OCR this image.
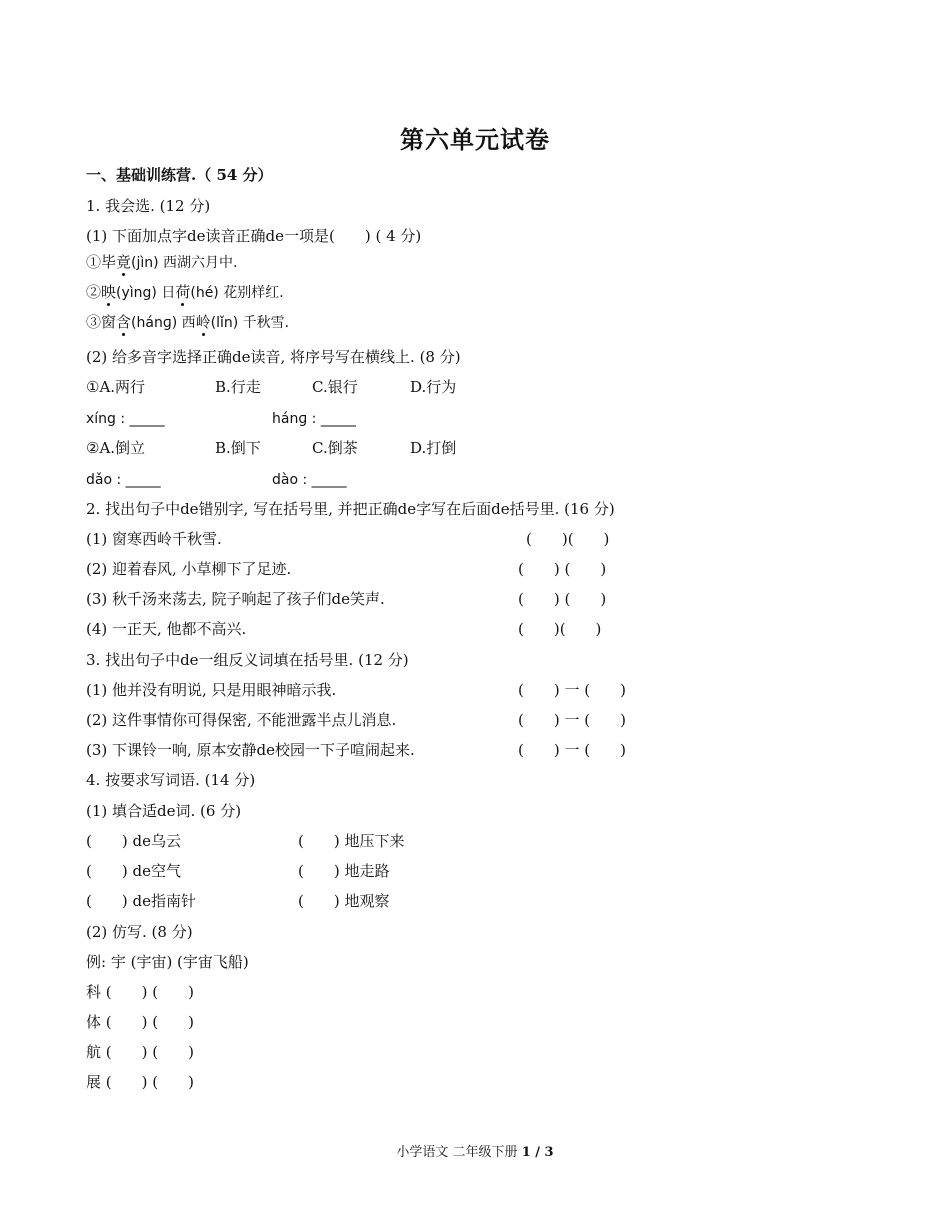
第六单元试卷
一、基础训练营.（ 54 分）
1. 我会选. (12 分)
(1) 下面加点字de读音正确de一项是(　　) ( 4 分)
①毕竟(jìn) 西湖六月中.
②映(yìng) 日荷(hé) 花别样红.
③窗含(hánɡ) 西岭(lǐn) 千秋雪.
(2) 给多音字选择正确de读音, 将序号写在横线上. (8 分)
①A.两行	B.行走	C.银行	D.行为
xíng : _____	hánɡ : _____
②A.倒立	B.倒下	C.倒茶	D.打倒
dǎo : _____	dào : _____
2. 找出句子中de错别字, 写在括号里, 并把正确de字写在后面de括号里. (16 分)
(1) 窗寒西岭千秋雪.	(　　)(　　)
(2) 迎着春风, 小草柳下了足迹.	(　　) (　　)
(3) 秋千汤来荡去, 院子响起了孩子们de笑声.	(　　) (　　)
(4) 一正天, 他都不高兴.	(　　)(　　)
3. 找出句子中de一组反义词填在括号里. (12 分)
(1) 他并没有明说, 只是用眼神暗示我.	(　　) 一 (　　)
(2) 这件事情你可得保密, 不能泄露半点儿消息.	(　　) 一 (　　)
(3) 下课铃一响, 原本安静de校园一下子喧闹起来.	(　　) 一 (　　)
4. 按要求写词语. (14 分)
(1) 填合适de词. (6 分)
(　　) de乌云	(　　) 地压下来
(　　) de空气	(　　) 地走路
(　　) de指南针	(　　) 地观察
(2) 仿写. (8 分)
例: 宇 (宇宙) (宇宙飞船)
科 (　　) (　　)
体 (　　) (　　)
航 (　　) (　　)
展 (　　) (　　)
小学语文 二年级下册 1 / 3
